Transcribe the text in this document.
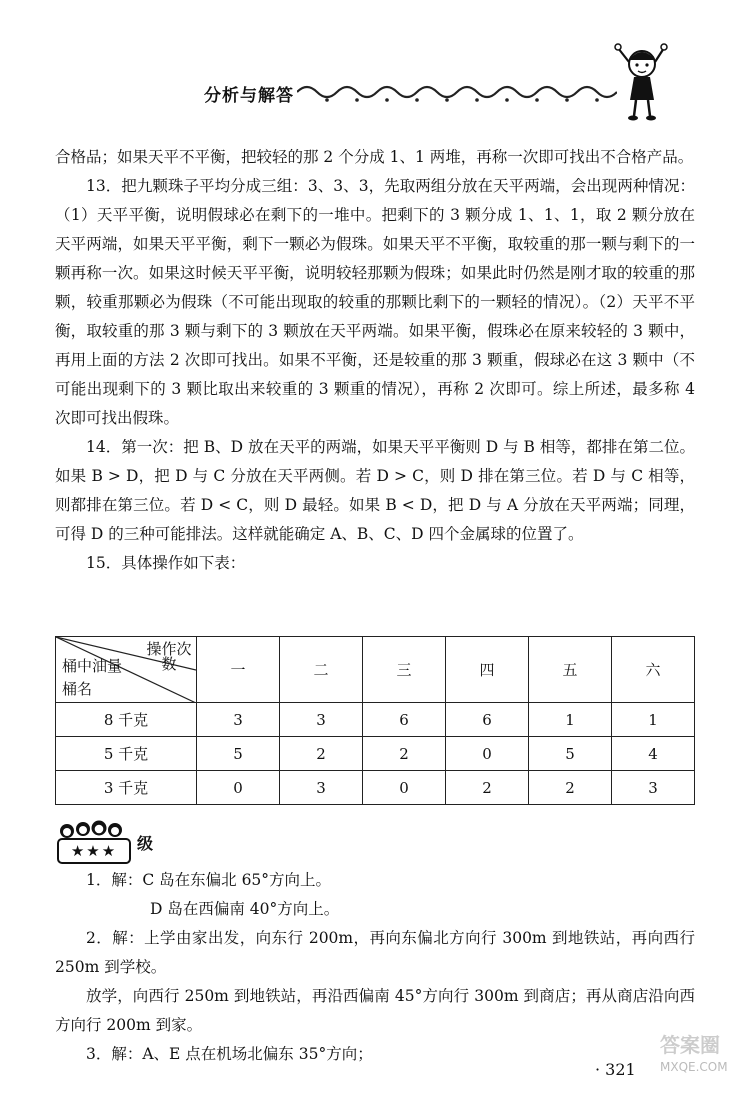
分析与解答

合格品；如果天平不平衡，把较轻的那 2 个分成 1、1 两堆，再称一次即可找出不合格产品。

13．把九颗珠子平均分成三组：3、3、3，先取两组分放在天平两端，会出现两种情况：（1）天平平衡，说明假球必在剩下的一堆中。把剩下的 3 颗分成 1、1、1，取 2 颗分放在天平两端，如果天平平衡，剩下一颗必为假珠。如果天平不平衡，取较重的那一颗与剩下的一颗再称一次。如果这时候天平平衡，说明较轻那颗为假珠；如果此时仍然是刚才取的较重的那颗，较重那颗必为假珠（不可能出现取的较重的那颗比剩下的一颗轻的情况）。（2）天平不平衡，取较重的那 3 颗与剩下的 3 颗放在天平两端。如果平衡，假珠必在原来较轻的 3 颗中，再用上面的方法 2 次即可找出。如果不平衡，还是较重的那 3 颗重，假球必在这 3 颗中（不可能出现剩下的 3 颗比取出来较重的 3 颗重的情况），再称 2 次即可。综上所述，最多称 4 次即可找出假珠。

14．第一次：把 B、D 放在天平的两端，如果天平平衡则 D 与 B 相等，都排在第二位。如果 B > D，把 D 与 C 分放在天平两侧。若 D > C，则 D 排在第三位。若 D 与 C 相等，则都排在第三位。若 D < C，则 D 最轻。如果 B < D，把 D 与 A 分放在天平两端；同理，可得 D 的三种可能排法。这样就能确定 A、B、C、D 四个金属球的位置了。

15．具体操作如下表：

操作次数
桶中油量
桶名	一	二	三	四	五	六
8 千克	3	3	6	6	1	1
5 千克	5	2	2	0	5	4
3 千克	0	3	0	2	2	3
★★★	级

1．解：C 岛在东偏北 65°方向上。

D 岛在西偏南 40°方向上。

2．解：上学由家出发，向东行 200m，再向东偏北方向行 300m 到地铁站，再向西行 250m 到学校。

放学，向西行 250m 到地铁站，再沿西偏南 45°方向行 300m 到商店；再从商店沿向西方向行 200m 到家。

3．解：A、E 点在机场北偏东 35°方向；

· 321
答案圈
MXQE.COM
